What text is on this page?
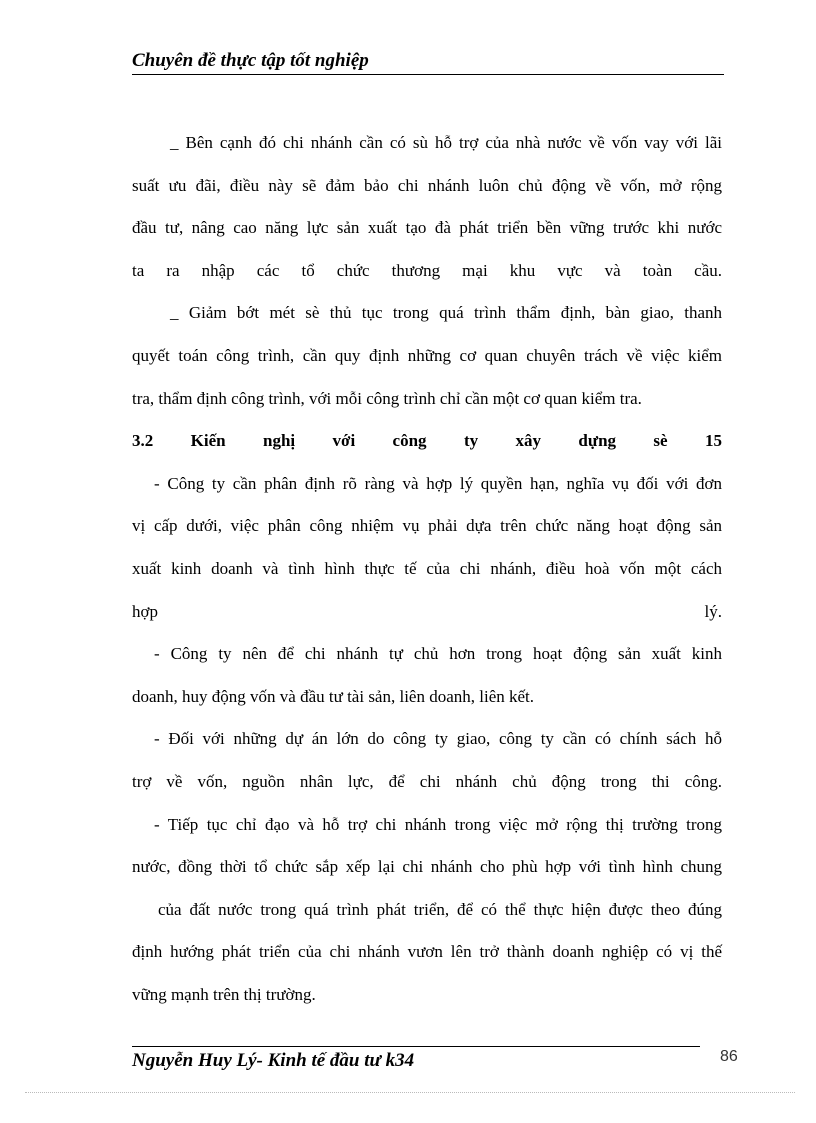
Chuyên đề thực tập tốt nghiệp
_ Bên cạnh đó chi nhánh cần có sù hỗ trợ của nhà nước về vốn vay với lãi
suất ưu đãi, điều này sẽ đảm bảo chi nhánh luôn chủ động về vốn, mở rộng
đầu tư, nâng cao năng lực sản xuất tạo đà phát triển bền vững trước khi nước
ta ra nhập các tổ chức thương mại khu vực và toàn cầu.
_ Giảm bớt mét sè thủ tục trong quá trình thẩm định, bàn giao, thanh
quyết toán công trình, cần quy định những cơ quan chuyên trách về việc kiểm
tra, thẩm định công trình, với mỗi công trình chỉ cần một cơ quan kiểm tra.
3.2 Kiến nghị với công ty xây dựng sè 15
- Công ty cần phân định rõ ràng và hợp lý quyền hạn, nghĩa vụ đối với đơn
vị cấp dưới, việc phân công nhiệm vụ phải dựa trên chức năng hoạt động sản
xuất kinh doanh và tình hình thực tế của chi nhánh, điều hoà vốn một cách
hợp lý.
- Công ty nên để chi nhánh tự chủ hơn trong hoạt động sản xuất kinh
doanh, huy động vốn và đầu tư tài sản, liên doanh, liên kết.
- Đối với những dự án lớn do công ty giao, công ty cần có chính sách hỗ
trợ về vốn, nguồn nhân lực, để chi nhánh chủ động trong thi công.
- Tiếp tục chỉ đạo và hỗ trợ chi nhánh trong việc mở rộng thị trường trong
nước, đồng thời tổ chức sắp xếp lại chi nhánh cho phù hợp với tình hình chung
của đất nước trong quá trình phát triển, để có thể thực hiện được theo đúng
định hướng phát triển của chi nhánh vươn lên trở thành doanh nghiệp có vị thế
vững mạnh trên thị trường.
Nguyễn Huy Lý- Kinh tế đầu tư k34	86
